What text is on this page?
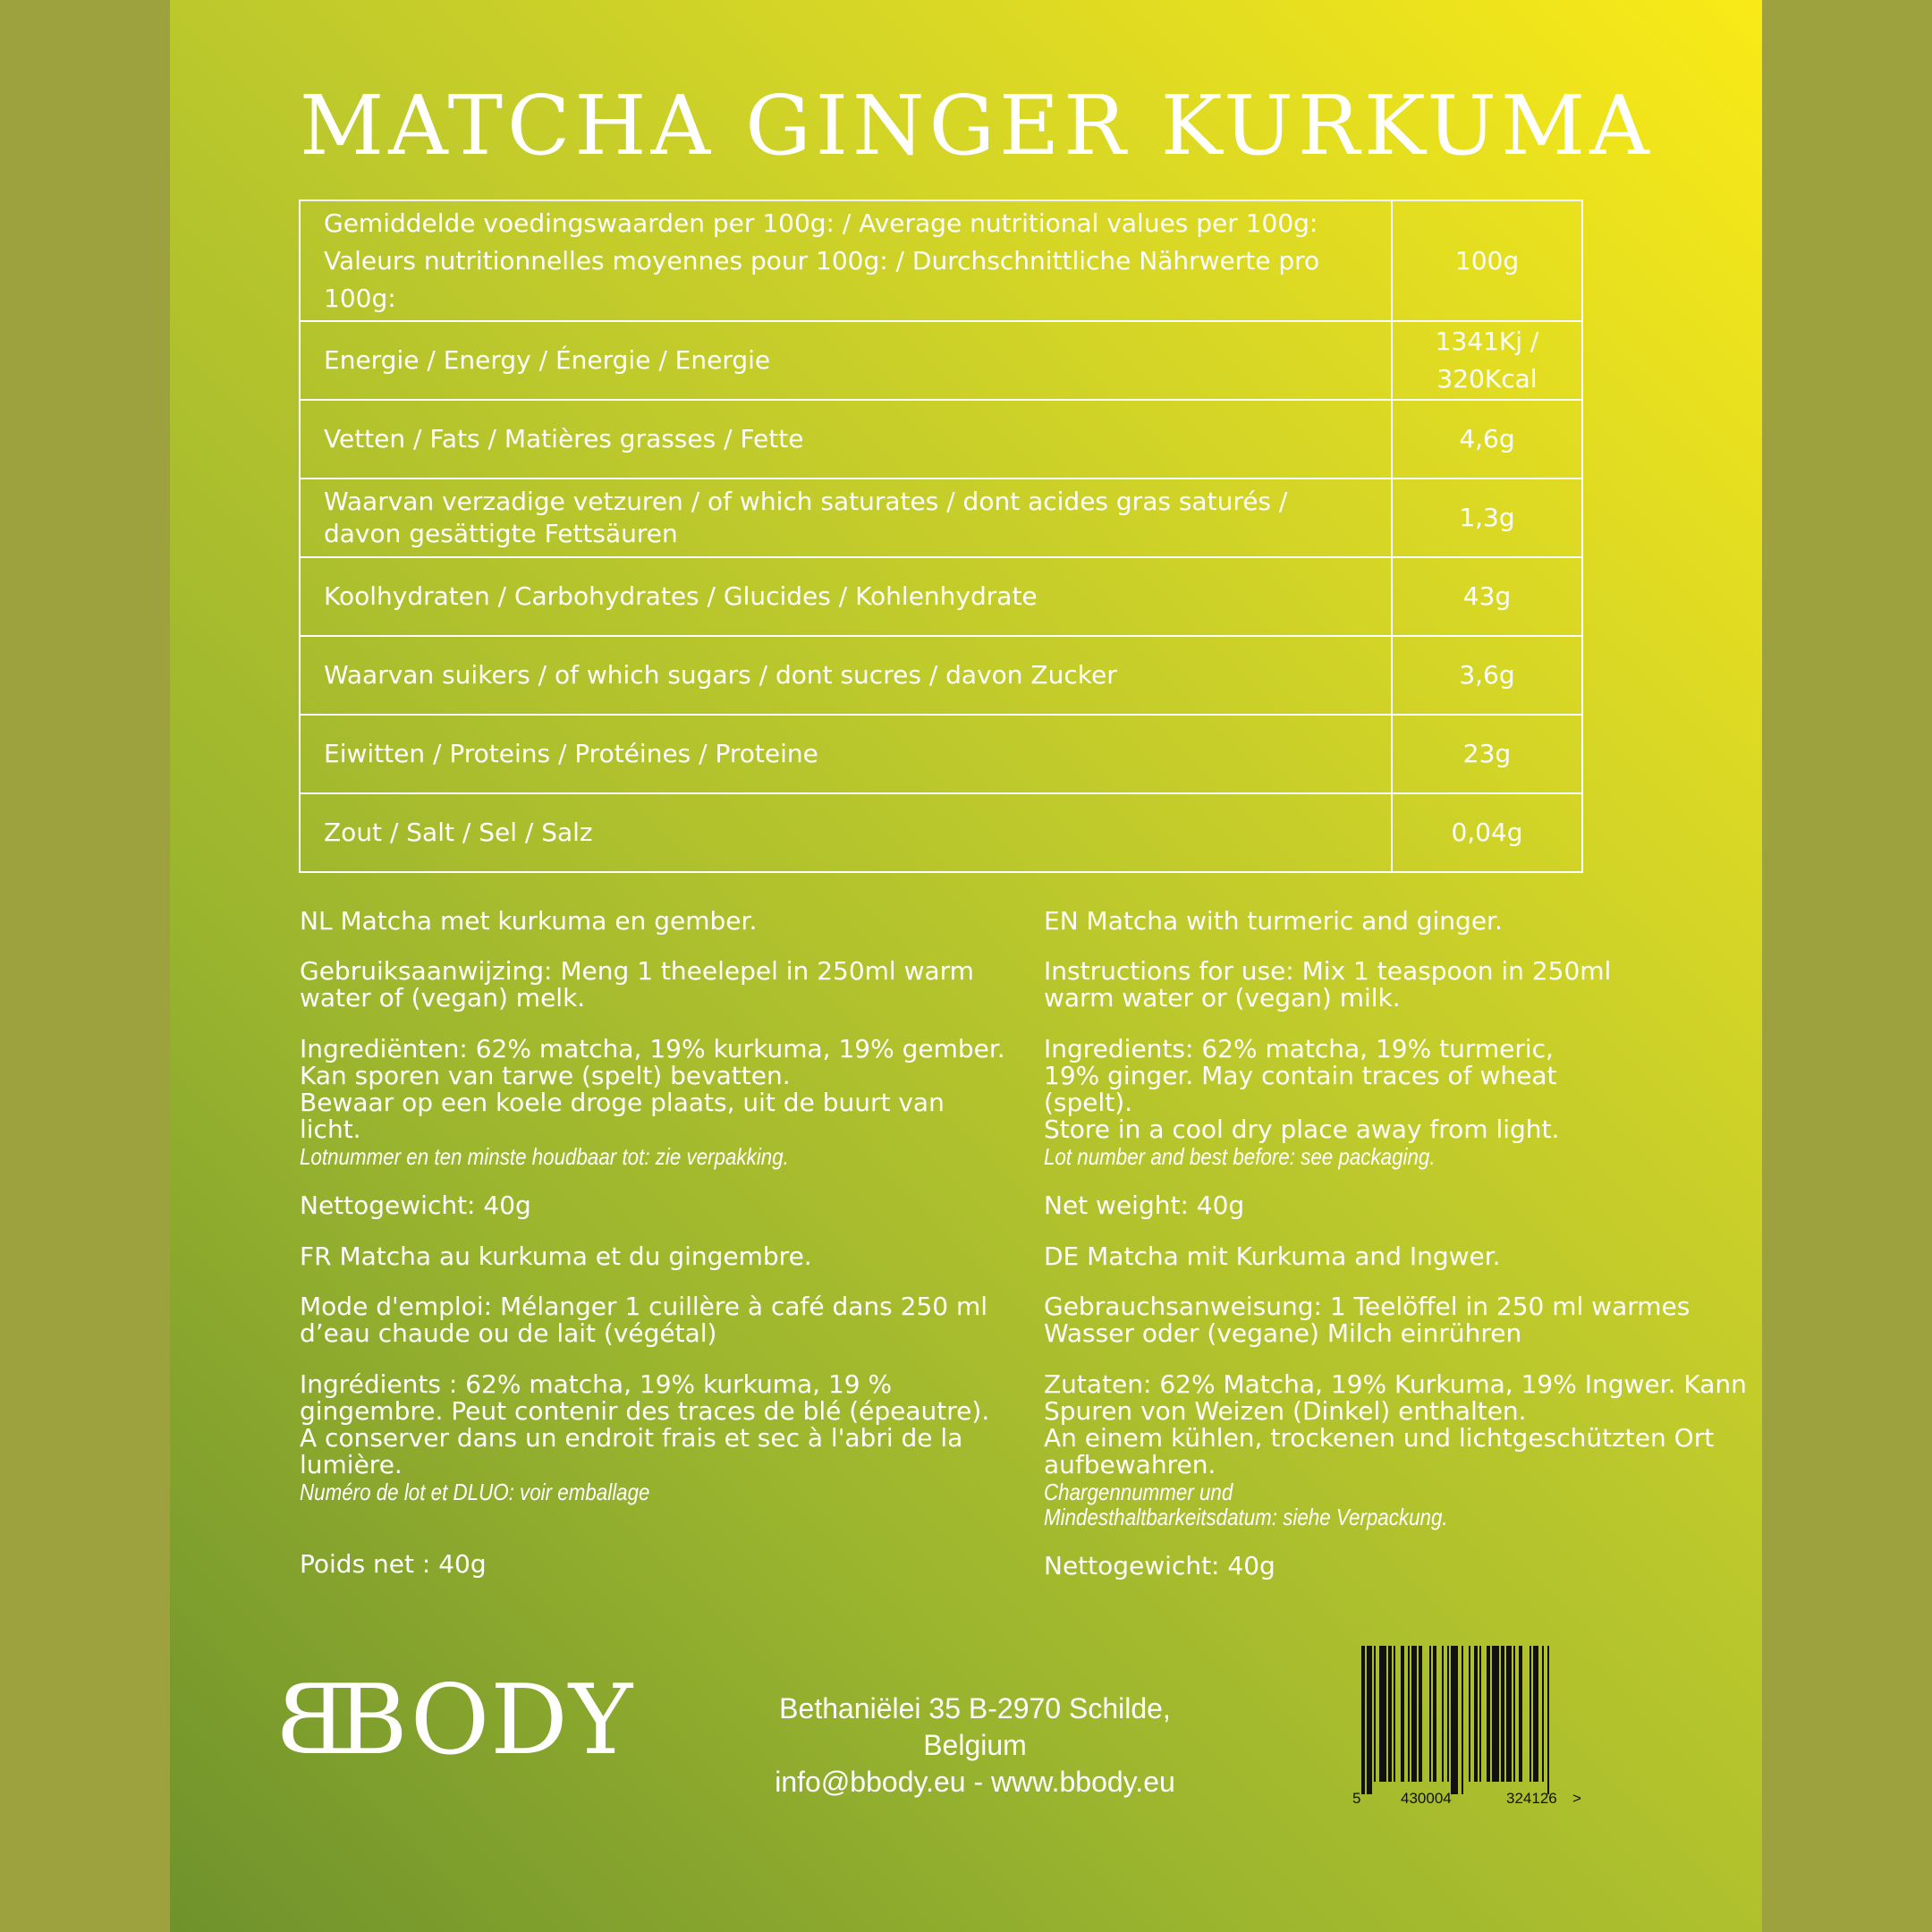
MATCHA GINGER KURKUMA
Gemiddelde voedingswaarden per 100g: / Average nutritional values per 100g:
Valeurs nutritionnelles moyennes pour 100g: / Durchschnittliche Nährwerte pro 100g:	100g
Energie / Energy / Énergie / Energie	1341Kj / 320Kcal
Vetten / Fats / Matières grasses / Fette	4,6g
Waarvan verzadige vetzuren / of which saturates / dont acides gras saturés / davon gesättigte Fettsäuren	1,3g
Koolhydraten / Carbohydrates / Glucides / Kohlenhydrate	43g
Waarvan suikers / of which sugars / dont sucres / davon Zucker	3,6g
Eiwitten / Proteins / Protéines / Proteine	23g
Zout / Salt / Sel / Salz	0,04g

NL Matcha met kurkuma en gember.

Gebruiksaanwijzing: Meng 1 theelepel in 250ml warm water of (vegan) melk.

Ingrediënten: 62% matcha, 19% kurkuma, 19% gember. Kan sporen van tarwe (spelt) bevatten.

Bewaar op een koele droge plaats, uit de buurt van licht.

Lotnummer en ten minste houdbaar tot: zie verpakking.

Nettogewicht: 40g

EN Matcha with turmeric and ginger.

Instructions for use: Mix 1 teaspoon in 250ml warm water or (vegan) milk.

Ingredients: 62% matcha, 19% turmeric, 19% ginger. May contain traces of wheat (spelt).

Store in a cool dry place away from light.

Lot number and best before: see packaging.

Net weight: 40g

FR Matcha au kurkuma et du gingembre.

Mode d'emploi: Mélanger 1 cuillère à café dans 250 ml d’eau chaude ou de lait (végétal)

Ingrédients : 62% matcha, 19% kurkuma, 19 % gingembre. Peut contenir des traces de blé (épeautre).

A conserver dans un endroit frais et sec à l'abri de la lumière.

Numéro de lot et DLUO: voir emballage

Poids net : 40g

DE Matcha mit Kurkuma and Ingwer.

Gebrauchsanweisung: 1 Teelöffel in 250 ml warmes Wasser oder (vegane) Milch einrühren

Zutaten: 62% Matcha, 19% Kurkuma, 19% Ingwer. Kann Spuren von Weizen (Dinkel) enthalten.

An einem kühlen, trockenen und lichtgeschützten Ort aufbewahren.

Chargennummer und Mindesthaltbarkeitsdatum: siehe Verpackung.

Nettogewicht: 40g

BBODY	Bethaniëlei 35 B-2970 Schilde, Belgium
info@bbody.eu - www.bbody.eu
5	430004	324126 >
